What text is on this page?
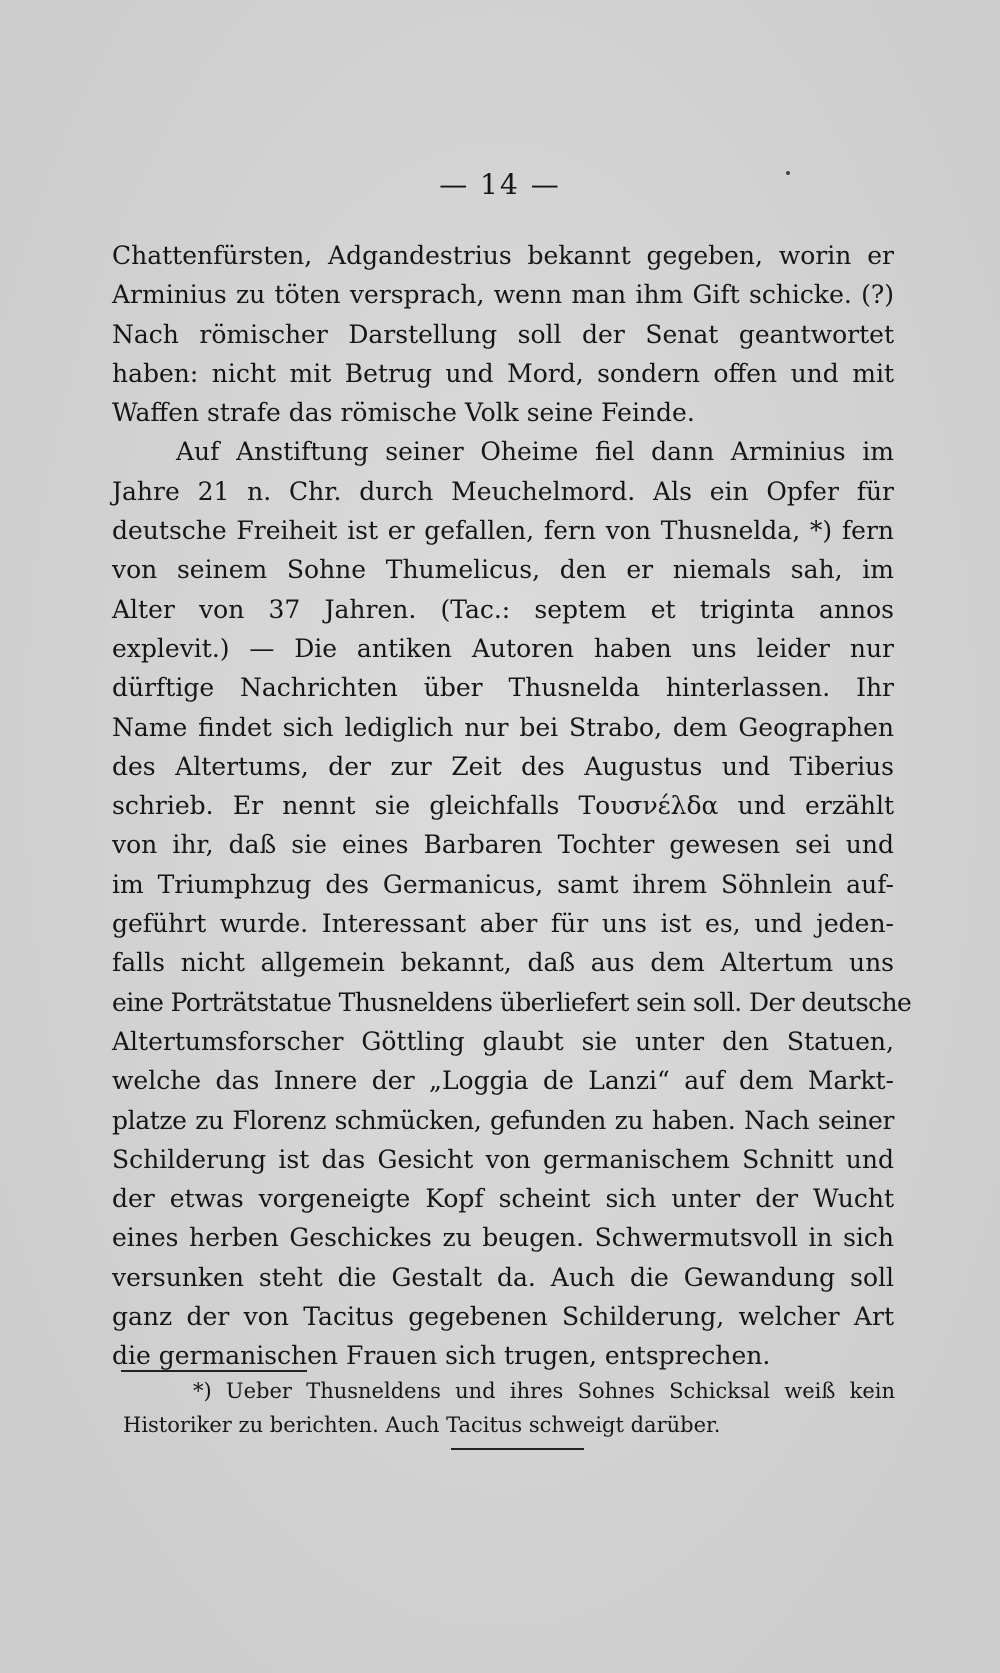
— 14 —
Chattenfürsten, Adgandestrius bekannt gegeben, worin er
Arminius zu töten versprach, wenn man ihm Gift schicke. (?)
Nach römischer Darstellung soll der Senat geantwortet
haben: nicht mit Betrug und Mord, sondern offen und mit
Waffen strafe das römische Volk seine Feinde.
Auf Anstiftung seiner Oheime fiel dann Arminius im
Jahre 21 n. Chr. durch Meuchelmord. Als ein Opfer für
deutsche Freiheit ist er gefallen, fern von Thusnelda, *) fern
von seinem Sohne Thumelicus, den er niemals sah, im
Alter von 37 Jahren. (Tac.: septem et triginta annos
explevit.) — Die antiken Autoren haben uns leider nur
dürftige Nachrichten über Thusnelda hinterlassen. Ihr
Name findet sich lediglich nur bei Strabo, dem Geographen
des Altertums, der zur Zeit des Augustus und Tiberius
schrieb. Er nennt sie gleichfalls Τουσνέλδα und erzählt
von ihr, daß sie eines Barbaren Tochter gewesen sei und
im Triumphzug des Germanicus, samt ihrem Söhnlein auf-
geführt wurde. Interessant aber für uns ist es, und jeden-
falls nicht allgemein bekannt, daß aus dem Altertum uns
eine Porträtstatue Thusneldens überliefert sein soll. Der deutsche
Altertumsforscher Göttling glaubt sie unter den Statuen,
welche das Innere der „Loggia de Lanzi“ auf dem Markt-
platze zu Florenz schmücken, gefunden zu haben. Nach seiner
Schilderung ist das Gesicht von germanischem Schnitt und
der etwas vorgeneigte Kopf scheint sich unter der Wucht
eines herben Geschickes zu beugen. Schwermutsvoll in sich
versunken steht die Gestalt da. Auch die Gewandung soll
ganz der von Tacitus gegebenen Schilderung, welcher Art
die germanischen Frauen sich trugen, entsprechen.
*) Ueber Thusneldens und ihres Sohnes Schicksal weiß kein
Historiker zu berichten. Auch Tacitus schweigt darüber.
